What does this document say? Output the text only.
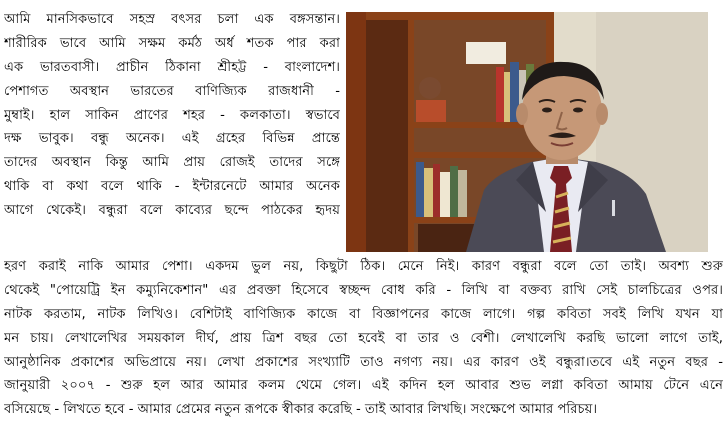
আমি মানসিকভাবে সহস্র বৎসর চলা এক বঙ্গসন্তান।
শারীরিক ভাবে আমি সক্ষম কর্মঠ অর্ধ শতক পার করা
এক ভারতবাসী। প্রাচীন ঠিকানা শ্রীহট্ট - বাংলাদেশ।
পেশাগত অবস্থান ভারতের বাণিজ্যিক রাজধানী -
মুম্বাই। হাল সাকিন প্রাণের শহর - কলকাতা। স্বভাবে
দক্ষ ভাবুক। বন্ধু অনেক। এই গ্রহের বিভিন্ন প্রান্তে
তাদের অবস্থান কিন্তু আমি প্রায় রোজই তাদের সঙ্গে
থাকি বা কথা বলে থাকি - ইন্টারনেটে আমার অনেক
আগে থেকেই। বন্ধুরা বলে কাব্যের ছন্দে পাঠকের হৃদয়
হরণ করাই নাকি আমার পেশা। একদম ভুল নয়, কিছুটা ঠিক। মেনে নিই। কারণ বন্ধুরা বলে তো তাই। অবশ্য শুরু
থেকেই "পোয়েট্রি ইন কম্যুনিকেশান" এর প্রবক্তা হিসেবে স্বচ্ছন্দ বোধ করি - লিখি বা বক্তব্য রাখি সেই চালচিত্রের ওপর।
নাটক করতাম, নাটক লিখিও। বেশিটাই বাণিজ্যিক কাজে বা বিজ্ঞাপনের কাজে লাগে। গল্প কবিতা সবই লিখি যখন যা
মন চায়। লেখালেখির সময়কাল দীর্ঘ, প্রায় ত্রিশ বছর তো হবেই বা তার ও বেশী। লেখালেখি করছি ভালো লাগে তাই,
আনুষ্ঠানিক প্রকাশের অভিপ্রায়ে নয়। লেখা প্রকাশের সংখ্যাটি তাও নগণ্য নয়। এর কারণ ওই বন্ধুরা।তবে এই নতুন বছর -
জানুয়ারী ২০০৭ - শুরু হল আর আমার কলম থেমে গেল। এই কদিন হল আবার শুভ লগ্না কবিতা আমায় টেনে এনে
বসিয়েছে - লিখতে হবে - আমার প্রেমের নতুন রূপকে স্বীকার করেছি - তাই আবার লিখছি। সংক্ষেপে আমার পরিচয়।
